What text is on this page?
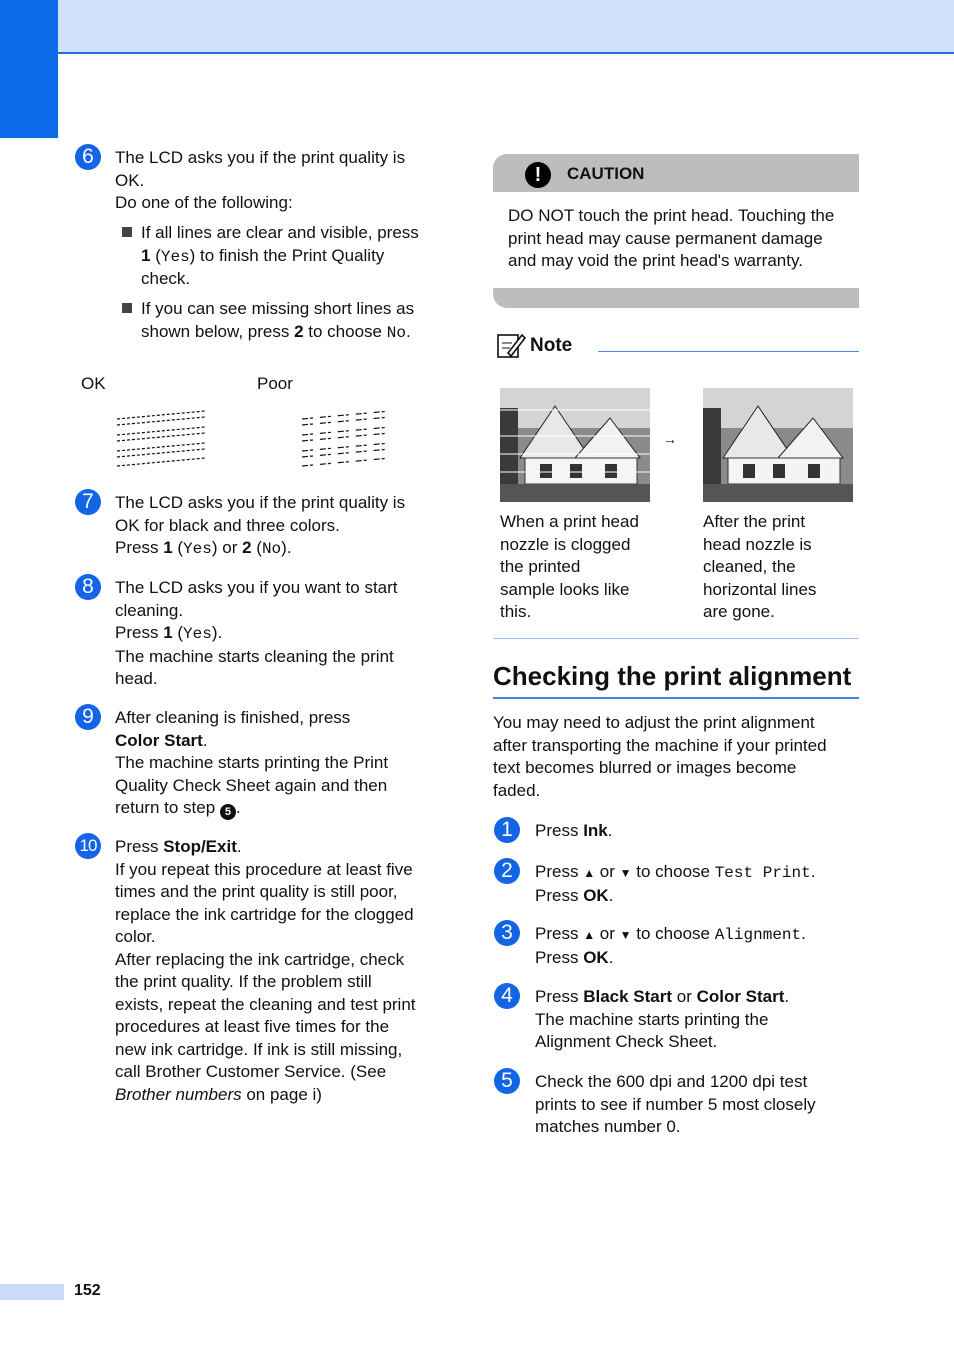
6	The LCD asks you if the print quality is
OK.
Do one of the following:
If all lines are clear and visible, press
1 (Yes) to finish the Print Quality
check.
If you can see missing short lines as
shown below, press 2 to choose No.
OK	Poor
7	The LCD asks you if the print quality is
OK for black and three colors.
Press 1 (Yes) or 2 (No).
8	The LCD asks you if you want to start
cleaning.
Press 1 (Yes).
The machine starts cleaning the print
head.
9	After cleaning is finished, press
Color Start.
The machine starts printing the Print
Quality Check Sheet again and then
return to step 5 .
10 Press Stop/Exit.
If you repeat this procedure at least five
times and the print quality is still poor,
replace the ink cartridge for the clogged
color.
After replacing the ink cartridge, check
the print quality. If the problem still
exists, repeat the cleaning and test print
procedures at least five times for the
new ink cartridge. If ink is still missing,
call Brother Customer Service. (See
Brother numbers on page i)
!	CAUTION
DO NOT touch the print head. Touching the
print head may cause permanent damage
and may void the print head's warranty.
Note
→
When a print head
nozzle is clogged
the printed
sample looks like
this.
After the print
head nozzle is
cleaned, the
horizontal lines
are gone.
Checking the print alignment
You may need to adjust the print alignment
after transporting the machine if your printed
text becomes blurred or images become
faded.
1	Press Ink.
2	Press ▲ or ▼ to choose Test Print.
Press OK.
3	Press ▲ or ▼ to choose Alignment.
Press OK.
4	Press Black Start or Color Start.
The machine starts printing the
Alignment Check Sheet.
5	Check the 600 dpi and 1200 dpi test
prints to see if number 5 most closely
matches number 0.
152
